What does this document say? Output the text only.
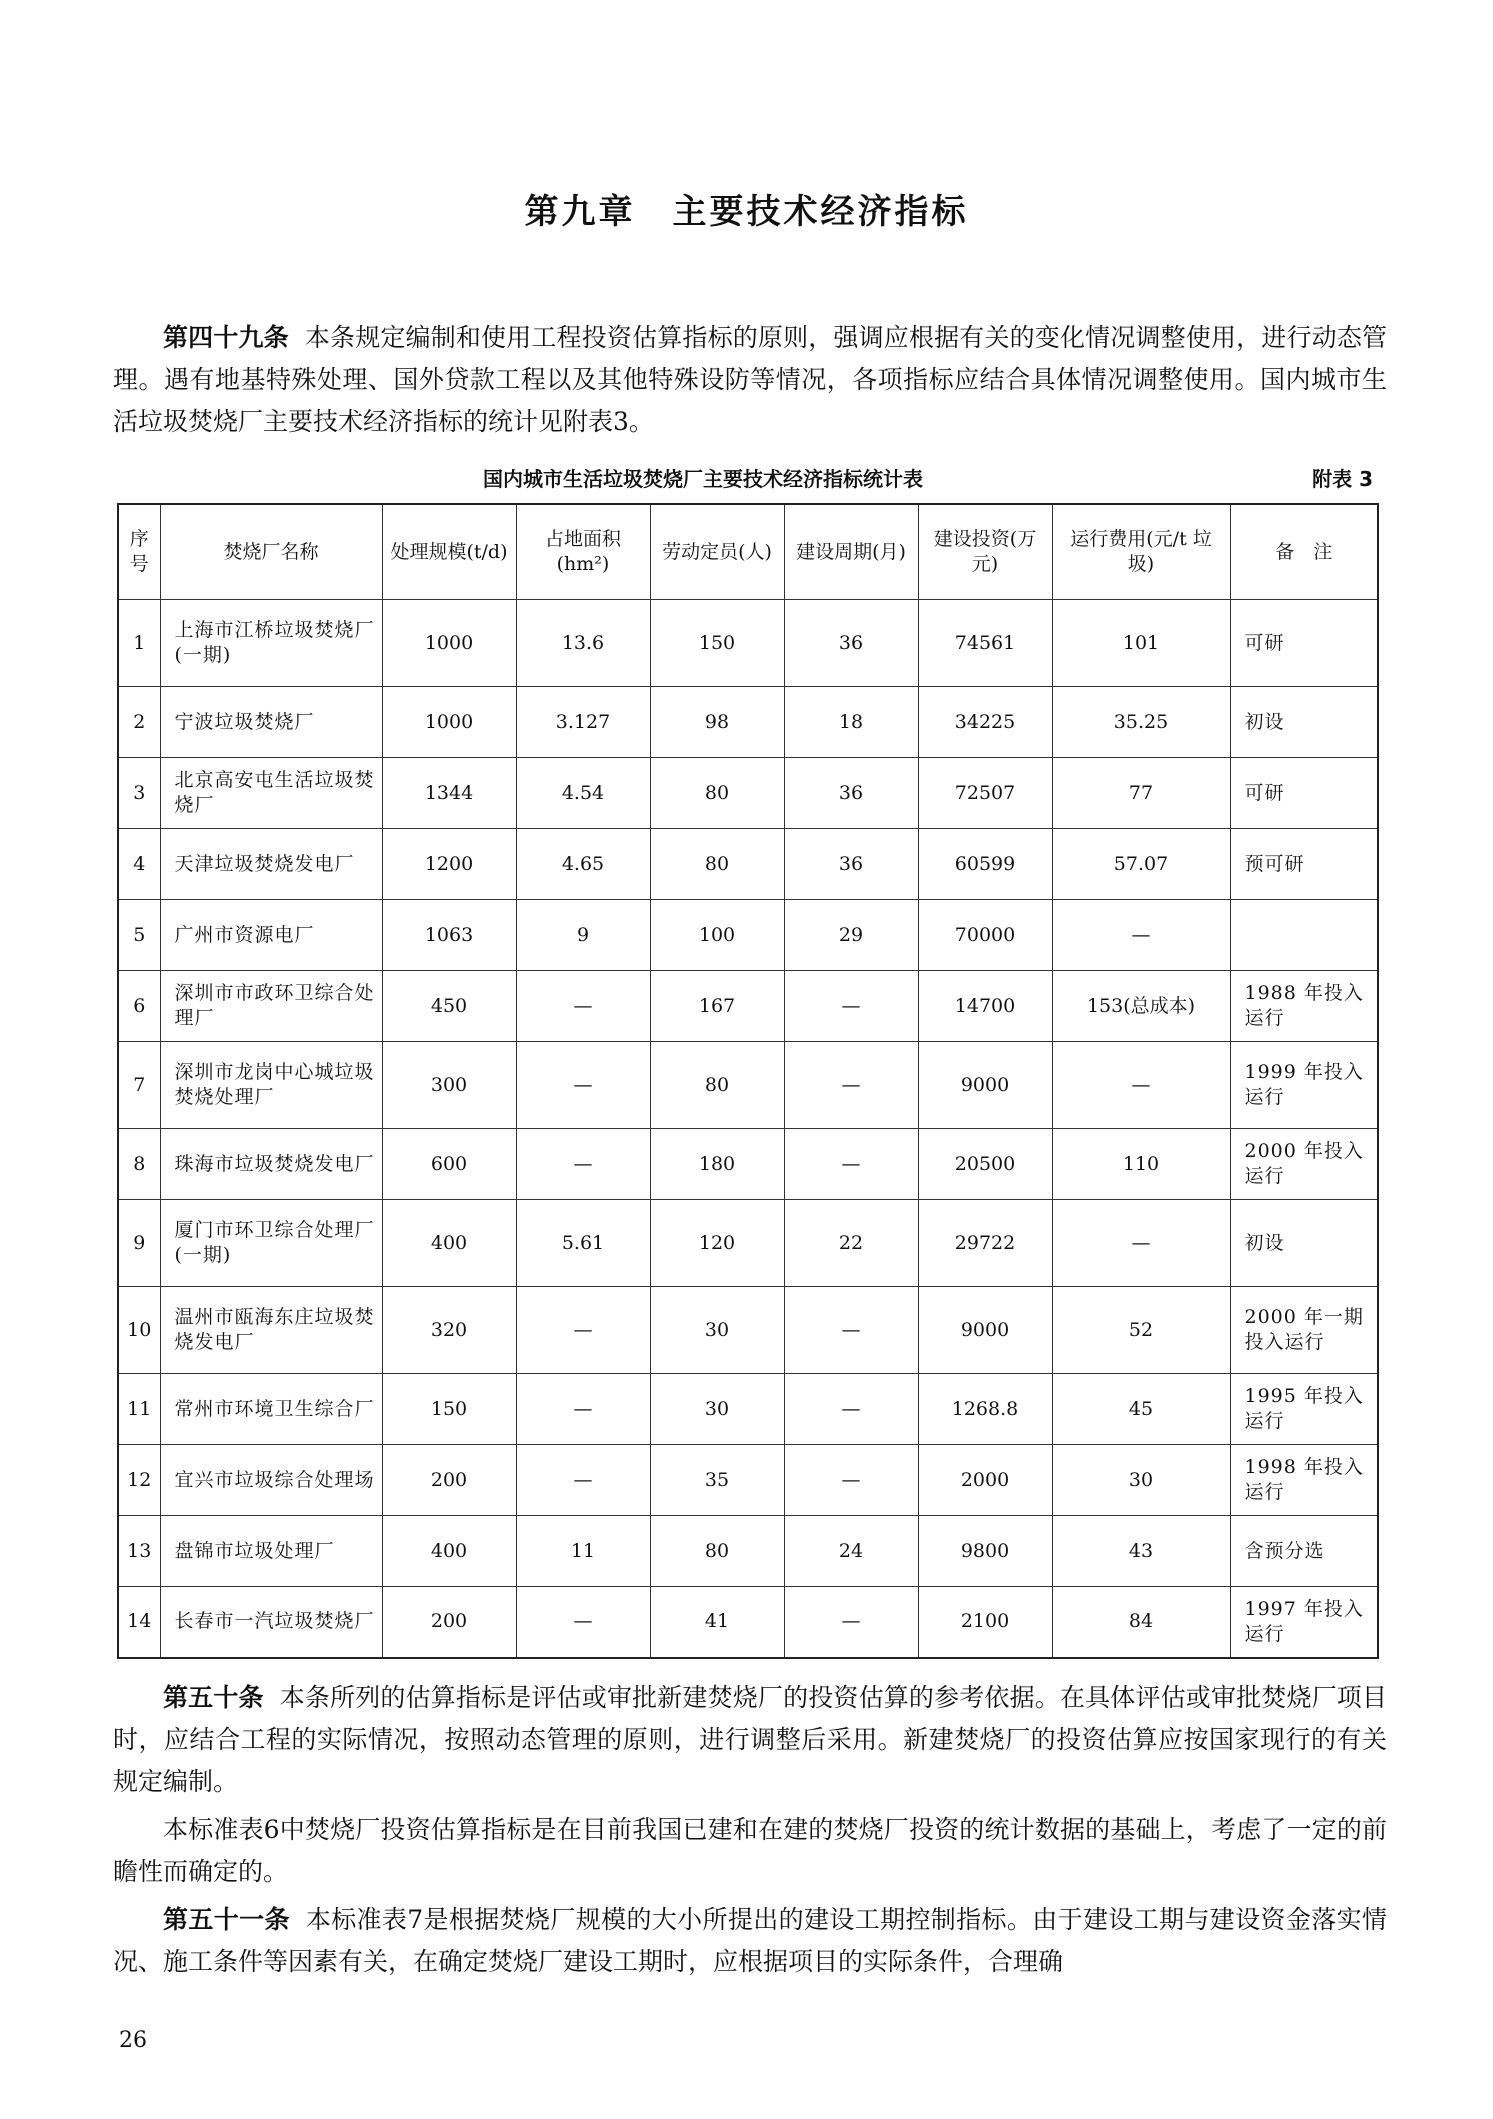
第九章　主要技术经济指标

第四十九条 本条规定编制和使用工程投资估算指标的原则，强调应根据有关的变化情况调整使用，进行动态管理。遇有地基特殊处理、国外贷款工程以及其他特殊设防等情况，各项指标应结合具体情况调整使用。国内城市生活垃圾焚烧厂主要技术经济指标的统计见附表3。

国内城市生活垃圾焚烧厂主要技术经济指标统计表	附表 3
序号	焚烧厂名称	处理规模(t/d)	占地面积(hm²)	劳动定员(人)	建设周期(月)	建设投资(万元)	运行费用(元/t 垃圾)	备　注
1	上海市江桥垃圾焚烧厂(一期)	1000	13.6	150	36	74561	101	可研
2	宁波垃圾焚烧厂	1000	3.127	98	18	34225	35.25	初设
3	北京高安屯生活垃圾焚烧厂	1344	4.54	80	36	72507	77	可研
4	天津垃圾焚烧发电厂	1200	4.65	80	36	60599	57.07	预可研
5	广州市资源电厂	1063	9	100	29	70000	—	
6	深圳市市政环卫综合处理厂	450	—	167	—	14700	153(总成本)	1988 年投入运行
7	深圳市龙岗中心城垃圾焚烧处理厂	300	—	80	—	9000	—	1999 年投入运行
8	珠海市垃圾焚烧发电厂	600	—	180	—	20500	110	2000 年投入运行
9	厦门市环卫综合处理厂(一期)	400	5.61	120	22	29722	—	初设
10	温州市瓯海东庄垃圾焚烧发电厂	320	—	30	—	9000	52	2000 年一期投入运行
11	常州市环境卫生综合厂	150	—	30	—	1268.8	45	1995 年投入运行
12	宜兴市垃圾综合处理场	200	—	35	—	2000	30	1998 年投入运行
13	盘锦市垃圾处理厂	400	11	80	24	9800	43	含预分选
14	长春市一汽垃圾焚烧厂	200	—	41	—	2100	84	1997 年投入运行

第五十条 本条所列的估算指标是评估或审批新建焚烧厂的投资估算的参考依据。在具体评估或审批焚烧厂项目时，应结合工程的实际情况，按照动态管理的原则，进行调整后采用。新建焚烧厂的投资估算应按国家现行的有关规定编制。

本标准表6中焚烧厂投资估算指标是在目前我国已建和在建的焚烧厂投资的统计数据的基础上，考虑了一定的前瞻性而确定的。

第五十一条 本标准表7是根据焚烧厂规模的大小所提出的建设工期控制指标。由于建设工期与建设资金落实情况、施工条件等因素有关，在确定焚烧厂建设工期时，应根据项目的实际条件，合理确

26
